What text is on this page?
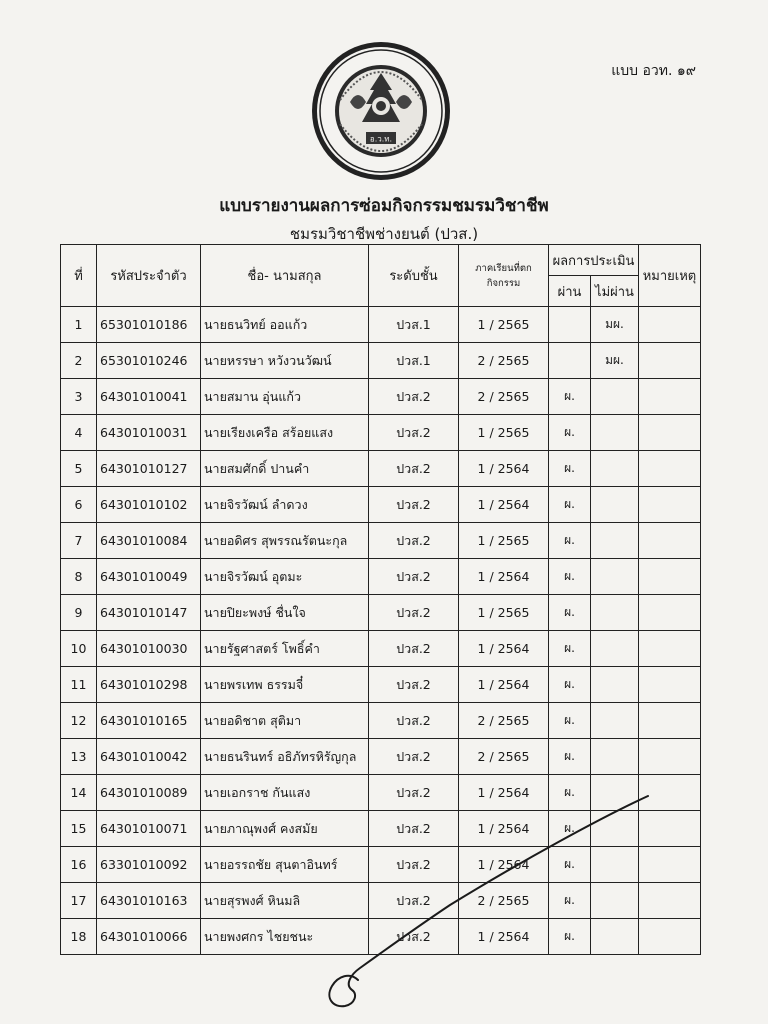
แบบ อวท. ๑๙
อ.ว.ท.
แบบรายงานผลการซ่อมกิจกรรมชมรมวิชาชีพ
ชมรมวิชาชีพช่างยนต์ (ปวส.)
ที่	รหัสประจำตัว	ชื่อ- นามสกุล	ระดับชั้น	ภาคเรียนที่ตกกิจกรรม	ผลการประเมิน		หมายเหตุ
					ผ่าน	ไม่ผ่าน	
1	65301010186	นายธนวิทย์ ออแก้ว	ปวส.1	1 / 2565		มผ.	
2	65301010246	นายหรรษา หวังวนวัฒน์	ปวส.1	2 / 2565		มผ.	
3	64301010041	นายสมาน อุ่นแก้ว	ปวส.2	2 / 2565	ผ.		
4	64301010031	นายเรียงเครือ สร้อยแสง	ปวส.2	1 / 2565	ผ.		
5	64301010127	นายสมศักดิ์ ปานคำ	ปวส.2	1 / 2564	ผ.		
6	64301010102	นายจิรวัฒน์ ลำดวง	ปวส.2	1 / 2564	ผ.		
7	64301010084	นายอดิศร สุพรรณรัตนะกุล	ปวส.2	1 / 2565	ผ.		
8	64301010049	นายจิรวัฒน์ อุตมะ	ปวส.2	1 / 2564	ผ.		
9	64301010147	นายปิยะพงษ์ ชื่นใจ	ปวส.2	1 / 2565	ผ.		
10	64301010030	นายรัฐศาสตร์ โพธิ์คำ	ปวส.2	1 / 2564	ผ.		
11	64301010298	นายพรเทพ ธรรมจี๋	ปวส.2	1 / 2564	ผ.		
12	64301010165	นายอดิชาต สุติมา	ปวส.2	2 / 2565	ผ.		
13	64301010042	นายธนรินทร์ อธิภัทรหิรัญกุล	ปวส.2	2 / 2565	ผ.		
14	64301010089	นายเอกราช กันแสง	ปวส.2	1 / 2564	ผ.		
15	64301010071	นายภาณุพงศ์ คงสมัย	ปวส.2	1 / 2564	ผ.		
16	63301010092	นายอรรถชัย สุนตาอินทร์	ปวส.2	1 / 2564	ผ.		
17	64301010163	นายสุรพงศ์ หินมลิ	ปวส.2	2 / 2565	ผ.		
18	64301010066	นายพงศกร ไชยชนะ	ปวส.2	1 / 2564	ผ.		
